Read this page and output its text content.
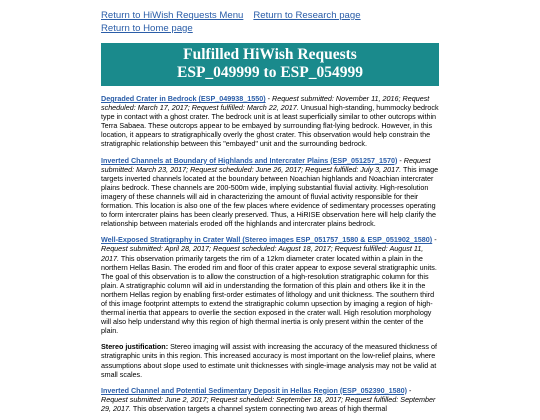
Return to HiWish Requests Menu Return to Research page
Return to Home page
Fulfilled HiWish Requests
ESP_049999 to ESP_054999

Degraded Crater in Bedrock (ESP_049938_1550) - Request submitted: November 11, 2016; Request scheduled: March 17, 2017; Request fulfilled: March 22, 2017. Unusual high-standing, hummocky bedrock type in contact with a ghost crater. The bedrock unit is at least superficially similar to other outcrops within Terra Sabaea. These outcrops appear to be embayed by surrounding flat-lying bedrock. However, in this location, it appears to stratigraphically overly the ghost crater. This observation would help constrain the stratigraphic relationship between this "embayed" unit and the surrounding bedrock.

Inverted Channels at Boundary of Highlands and Intercrater Plains (ESP_051257_1570) - Request submitted: March 23, 2017; Request scheduled: June 26, 2017; Request fulfilled: July 3, 2017. This image targets inverted channels located at the boundary between Noachian highlands and Noachian intercrater plains bedrock. These channels are 200-500m wide, implying substantial fluvial activity. High-resolution imagery of these channels will aid in characterizing the amount of fluvial activity responsible for their formation. This location is also one of the few places where evidence of sedimentary processes operating to form intercrater plains has been clearly preserved. Thus, a HiRISE observation here will help clarify the relationship between materials eroded off the highlands and intercrater plains bedrock.

Well-Exposed Stratigraphy in Crater Wall (Stereo images ESP_051757_1580 & ESP_051902_1580) - Request submitted: April 28, 2017; Request scheduled: August 18, 2017; Request fulfilled: August 11, 2017. This observation primarily targets the rim of a 12km diameter crater located within a plain in the northern Hellas Basin. The eroded rim and floor of this crater appear to expose several stratigraphic units. The goal of this observation is to allow the construction of a high-resolution stratigraphic column for this plain. A stratigraphic column will aid in understanding the formation of this plain and others like it in the northern Hellas region by enabling first-order estimates of lithology and unit thickness. The southern third of this image footprint attempts to extend the stratigraphic column upsection by imaging a region of high-thermal inertia that appears to overlie the section exposed in the crater wall. High resolution morphology will also help understand why this region of high thermal inertia is only present within the center of the plain.

Stereo justification: Stereo imaging will assist with increasing the accuracy of the measured thickness of stratigraphic units in this region. This increased accuracy is most important on the low-relief plains, where assumptions about slope used to estimate unit thicknesses with single-image analysis may not be valid at small scales.

Inverted Channel and Potential Sedimentary Deposit in Hellas Region (ESP_052390_1580) - Request submitted: June 2, 2017; Request scheduled: September 18, 2017; Request fulfilled: September 29, 2017. This observation targets a channel system connecting two areas of high thermal
